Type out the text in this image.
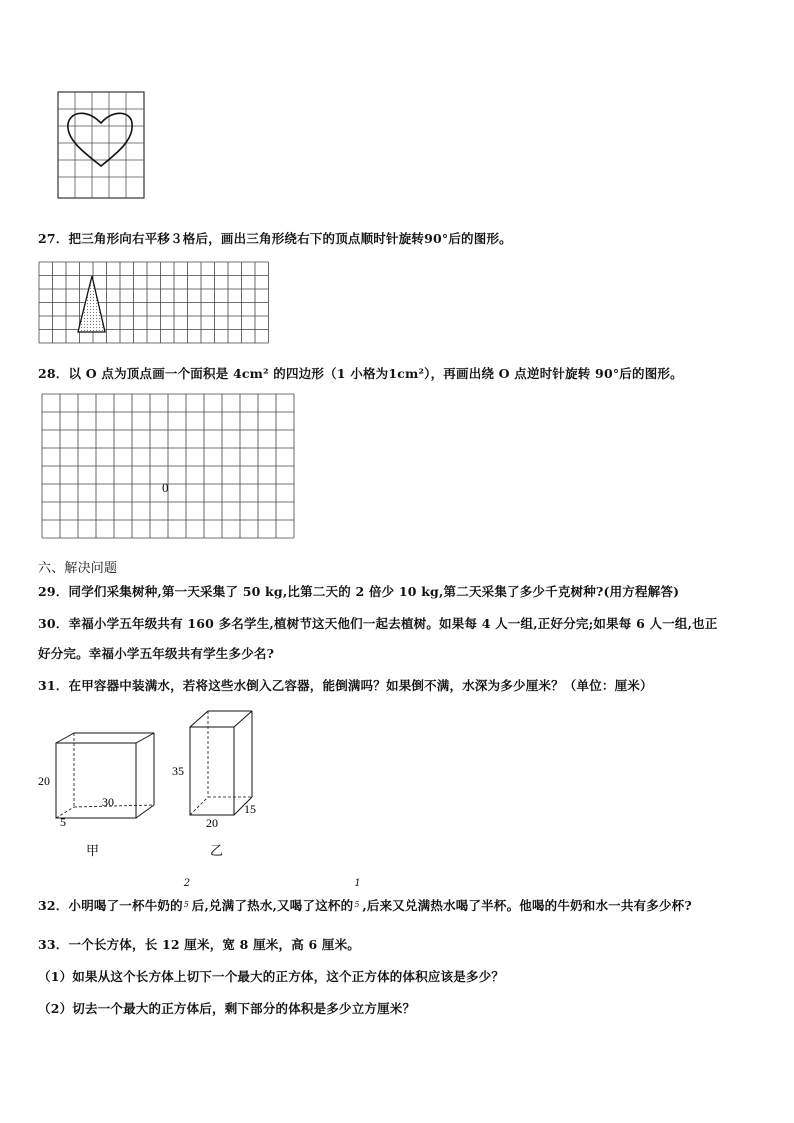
27．把三角形向右平移３格后，画出三角形绕右下的顶点顺时针旋转90°后的图形。
28．以 O 点为顶点画一个面积是 4cm² 的四边形（1 小格为1cm²），再画出绕 O 点逆时针旋转 90°后的图形。
0
六、解决问题
29．同学们采集树种,第一天采集了 50 kg,比第二天的 2 倍少 10 kg,第二天采集了多少千克树种?(用方程解答)
30．幸福小学五年级共有 160 多名学生,植树节这天他们一起去植树。如果每 4 人一组,正好分完;如果每 6 人一组,也正
好分完。幸福小学五年级共有学生多少名?
31．在甲容器中装满水，若将这些水倒入乙容器，能倒满吗？如果倒不满，水深为多少厘米？（单位：厘米）
20
30
5
甲
35
20
15
乙
32．小明喝了一杯牛奶的
2
5 后,兑满了热水,又喝了这杯的
1
5 ,后来又兑满热水喝了半杯。他喝的牛奶和水一共有多少杯?
33．一个长方体，长 12 厘米，宽 8 厘米，高 6 厘米。
（1）如果从这个长方体上切下一个最大的正方体，这个正方体的体积应该是多少？
（2）切去一个最大的正方体后，剩下部分的体积是多少立方厘米？
